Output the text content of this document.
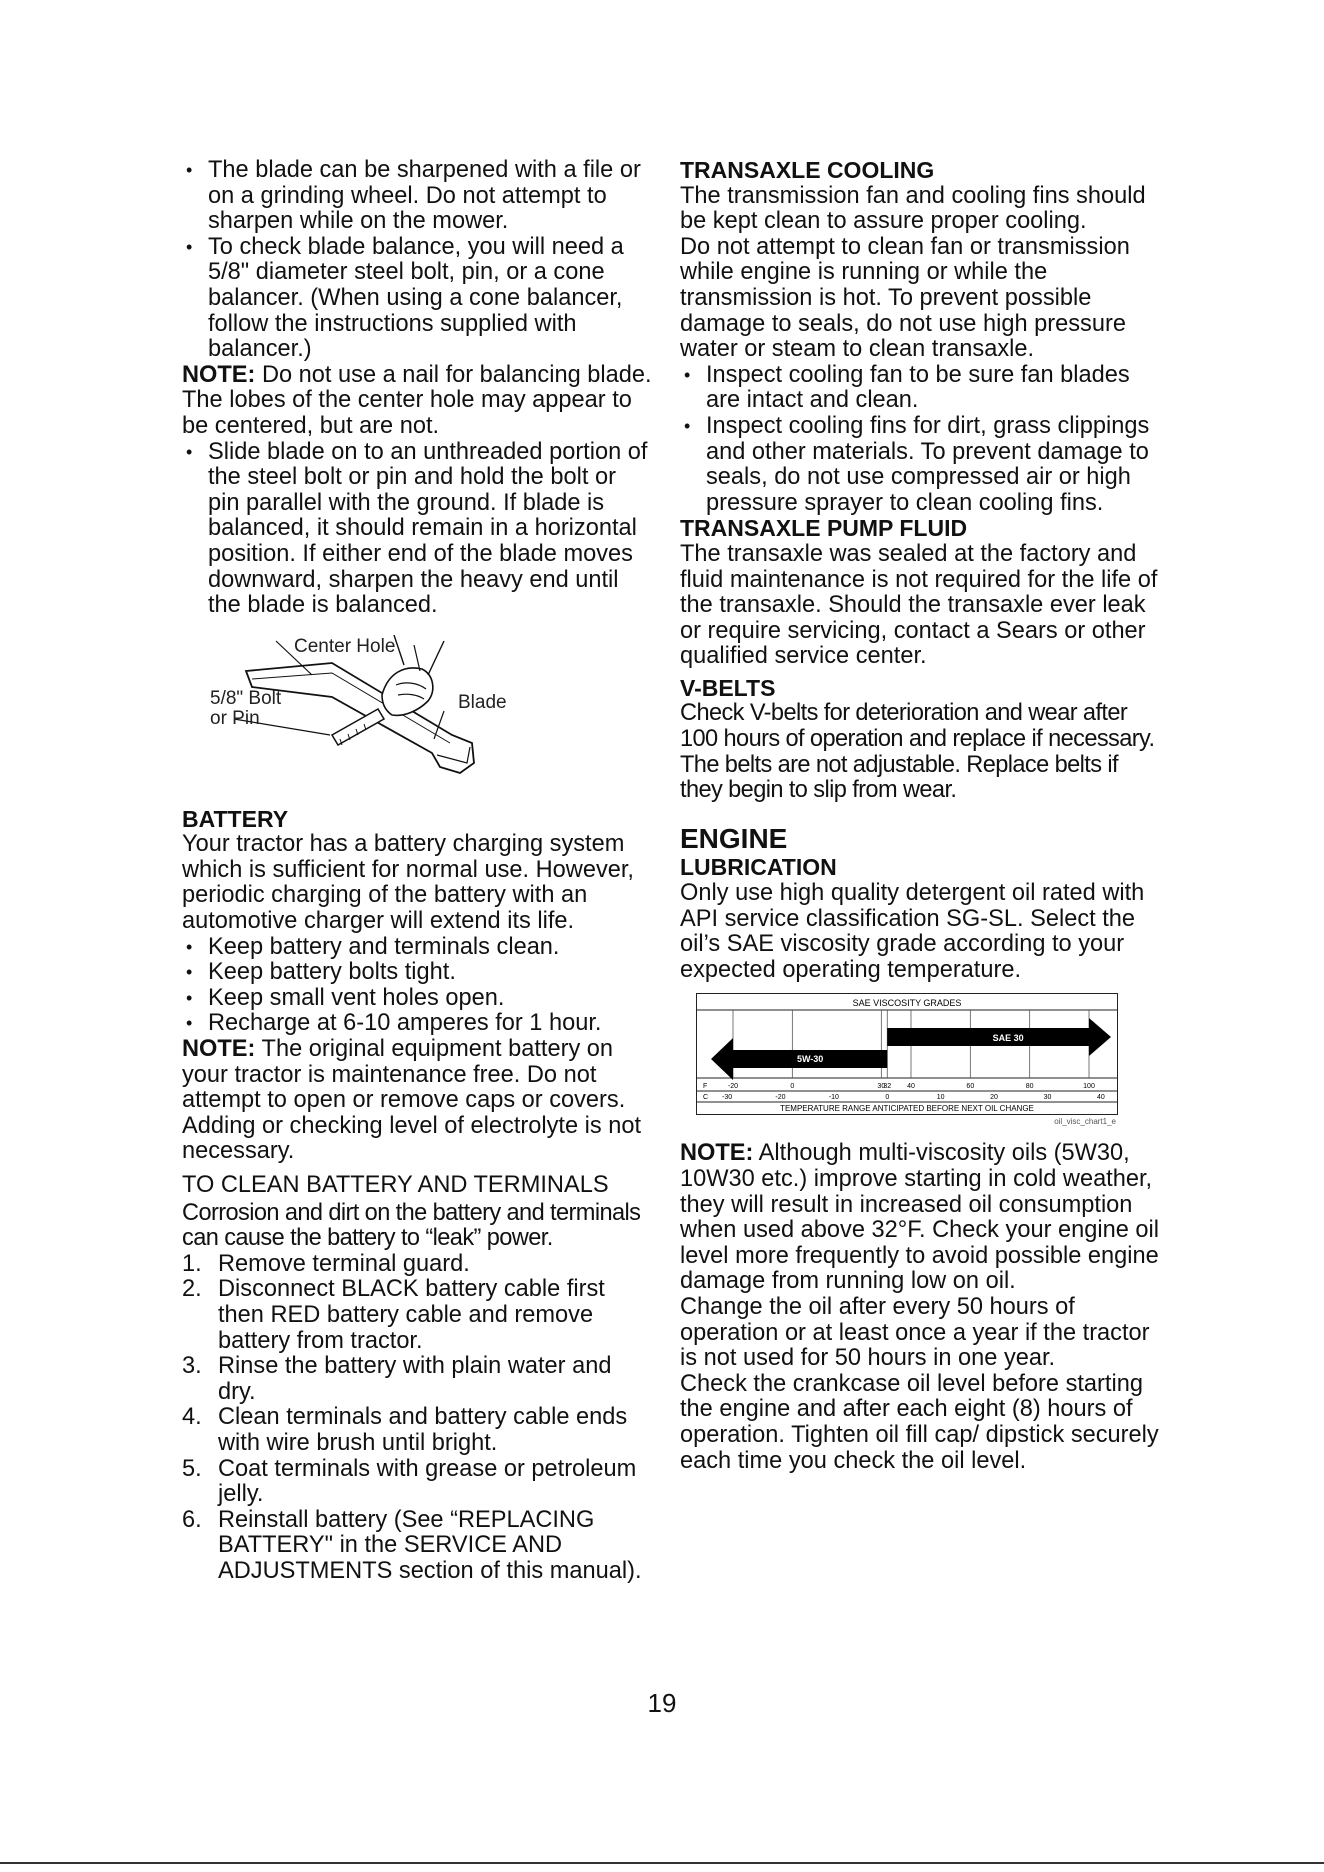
• The blade can be sharpened with a file or on a grinding wheel. Do not attempt to sharpen while on the mower.
• To check blade balance, you will need a 5/8" diameter steel bolt, pin, or a cone balancer. (When using a cone balancer, follow the instructions supplied with balancer.)

NOTE: Do not use a nail for balancing blade. The lobes of the center hole may appear to be centered, but are not.

• Slide blade on to an unthreaded portion of the steel bolt or pin and hold the bolt or pin parallel with the ground. If blade is balanced, it should remain in a horizontal position. If either end of the blade moves downward, sharpen the heavy end until the blade is balanced.
Center Hole
5/8" Bolt
or Pin
Blade

BATTERY

Your tractor has a battery charging system which is sufficient for normal use. However, periodic charging of the battery with an automotive charger will extend its life.

• Keep battery and terminals clean.
• Keep battery bolts tight.
• Keep small vent holes open.
• Recharge at 6-10 amperes for 1 hour.

NOTE: The original equipment battery on your tractor is maintenance free. Do not attempt to open or remove caps or covers. Adding or checking level of electrolyte is not necessary.

TO CLEAN BATTERY AND TERMINALS

Corrosion and dirt on the battery and terminals can cause the battery to “leak” power.

1. Remove terminal guard.
2. Disconnect BLACK battery cable first then RED battery cable and remove battery from tractor.
3. Rinse the battery with plain water and dry.
4. Clean terminals and battery cable ends with wire brush until bright.
5. Coat terminals with grease or petroleum jelly.
6. Reinstall battery (See “REPLACING BATTERY" in the SERVICE AND ADJUSTMENTS section of this manual).

TRANSAXLE COOLING

The transmission fan and cooling fins should be kept clean to assure proper cooling.

Do not attempt to clean fan or transmission while engine is running or while the transmission is hot. To prevent possible damage to seals, do not use high pressure water or steam to clean transaxle.

• Inspect cooling fan to be sure fan blades are intact and clean.
• Inspect cooling fins for dirt, grass clippings and other materials. To prevent damage to seals, do not use compressed air or high pressure sprayer to clean cooling fins.

TRANSAXLE PUMP FLUID

The transaxle was sealed at the factory and fluid maintenance is not required for the life of the transaxle. Should the transaxle ever leak or require servicing, contact a Sears or other qualified service center.

V-BELTS

Check V-belts for deterioration and wear after 100 hours of operation and replace if necessary. The belts are not adjustable. Replace belts if they begin to slip from wear.

ENGINE

LUBRICATION

Only use high quality detergent oil rated with API service classification SG-SL. Select the oil’s SAE viscosity grade according to your expected operating temperature.

SAE VISCOSITY GRADES
F
C
TEMPERATURE RANGE ANTICIPATED BEFORE NEXT OIL CHANGE
-20	0	30
32 40	60	80	100
-30	-20	-10	0	10	20	30	40
5W-30
SAE 30
oil_visc_chart1_e

NOTE: Although multi-viscosity oils (5W30, 10W30 etc.) improve starting in cold weather, they will result in increased oil consumption when used above 32°F. Check your engine oil level more frequently to avoid possible engine damage from running low on oil.

Change the oil after every 50 hours of operation or at least once a year if the tractor is not used for 50 hours in one year.

Check the crankcase oil level before starting the engine and after each eight (8) hours of operation. Tighten oil fill cap/ dipstick securely each time you check the oil level.

19
